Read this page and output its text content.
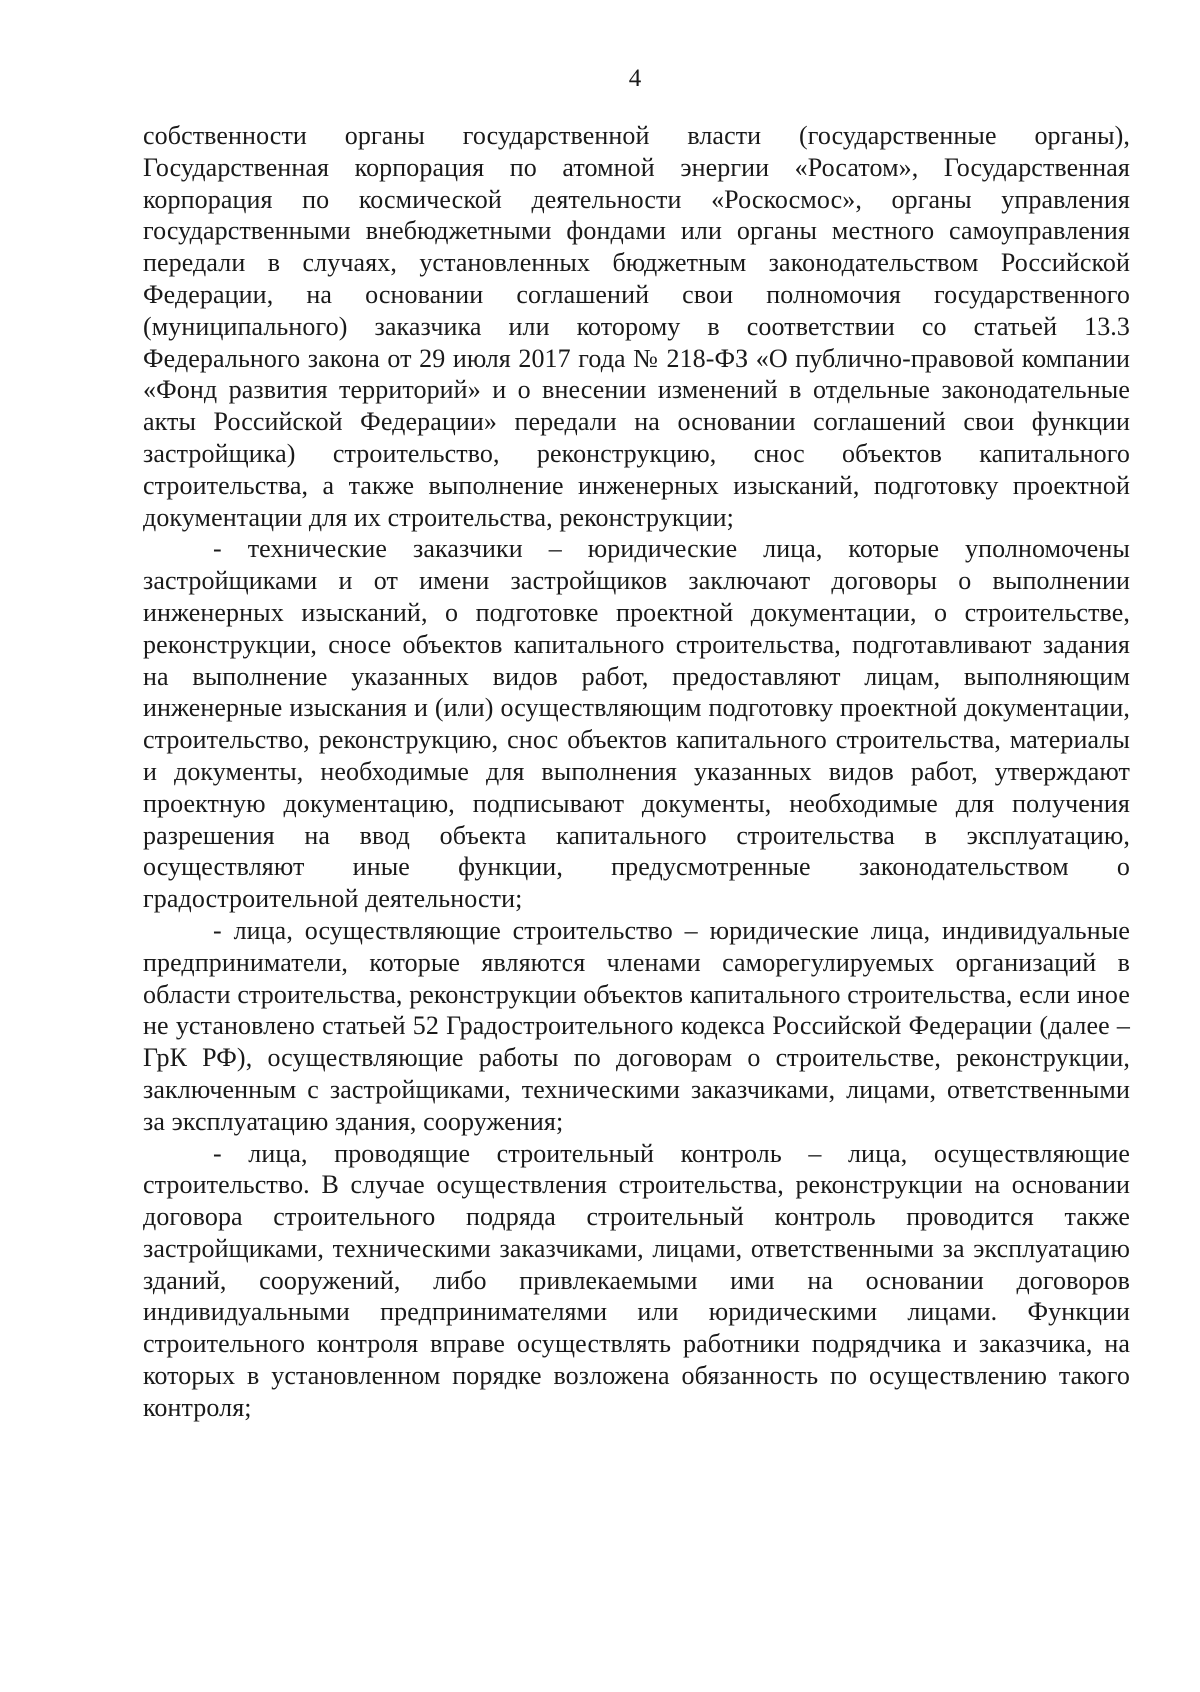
4

собственности органы государственной власти (государственные органы), Государственная корпорация по атомной энергии «Росатом», Государственная корпорация по космической деятельности «Роскосмос», органы управления государственными внебюджетными фондами или органы местного самоуправления передали в случаях, установленных бюджетным законодательством Российской Федерации, на основании соглашений свои полномочия государственного (муниципального) заказчика или которому в соответствии со статьей 13.3 Федерального закона от 29 июля 2017 года № 218-ФЗ «О публично-правовой компании «Фонд развития территорий» и о внесении изменений в отдельные законодательные акты Российской Федерации» передали на основании соглашений свои функции застройщика) строительство, реконструкцию, снос объектов капитального строительства, а также выполнение инженерных изысканий, подготовку проектной документации для их строительства, реконструкции;

- технические заказчики – юридические лица, которые уполномочены застройщиками и от имени застройщиков заключают договоры о выполнении инженерных изысканий, о подготовке проектной документации, о строительстве, реконструкции, сносе объектов капитального строительства, подготавливают задания на выполнение указанных видов работ, предоставляют лицам, выполняющим инженерные изыскания и (или) осуществляющим подготовку проектной документации, строительство, реконструкцию, снос объектов капитального строительства, материалы и документы, необходимые для выполнения указанных видов работ, утверждают проектную документацию, подписывают документы, необходимые для получения разрешения на ввод объекта капитального строительства в эксплуатацию, осуществляют иные функции, предусмотренные законодательством о градостроительной деятельности;

- лица, осуществляющие строительство – юридические лица, индивидуальные предприниматели, которые являются членами саморегулируемых организаций в области строительства, реконструкции объектов капитального строительства, если иное не установлено статьей 52 Градостроительного кодекса Российской Федерации (далее – ГрК РФ), осуществляющие работы по договорам о строительстве, реконструкции, заключенным с застройщиками, техническими заказчиками, лицами, ответственными за эксплуатацию здания, сооружения;

- лица, проводящие строительный контроль – лица, осуществляющие строительство. В случае осуществления строительства, реконструкции на основании договора строительного подряда строительный контроль проводится также застройщиками, техническими заказчиками, лицами, ответственными за эксплуатацию зданий, сооружений, либо привлекаемыми ими на основании договоров индивидуальными предпринимателями или юридическими лицами. Функции строительного контроля вправе осуществлять работники подрядчика и заказчика, на которых в установленном порядке возложена обязанность по осуществлению такого контроля;
